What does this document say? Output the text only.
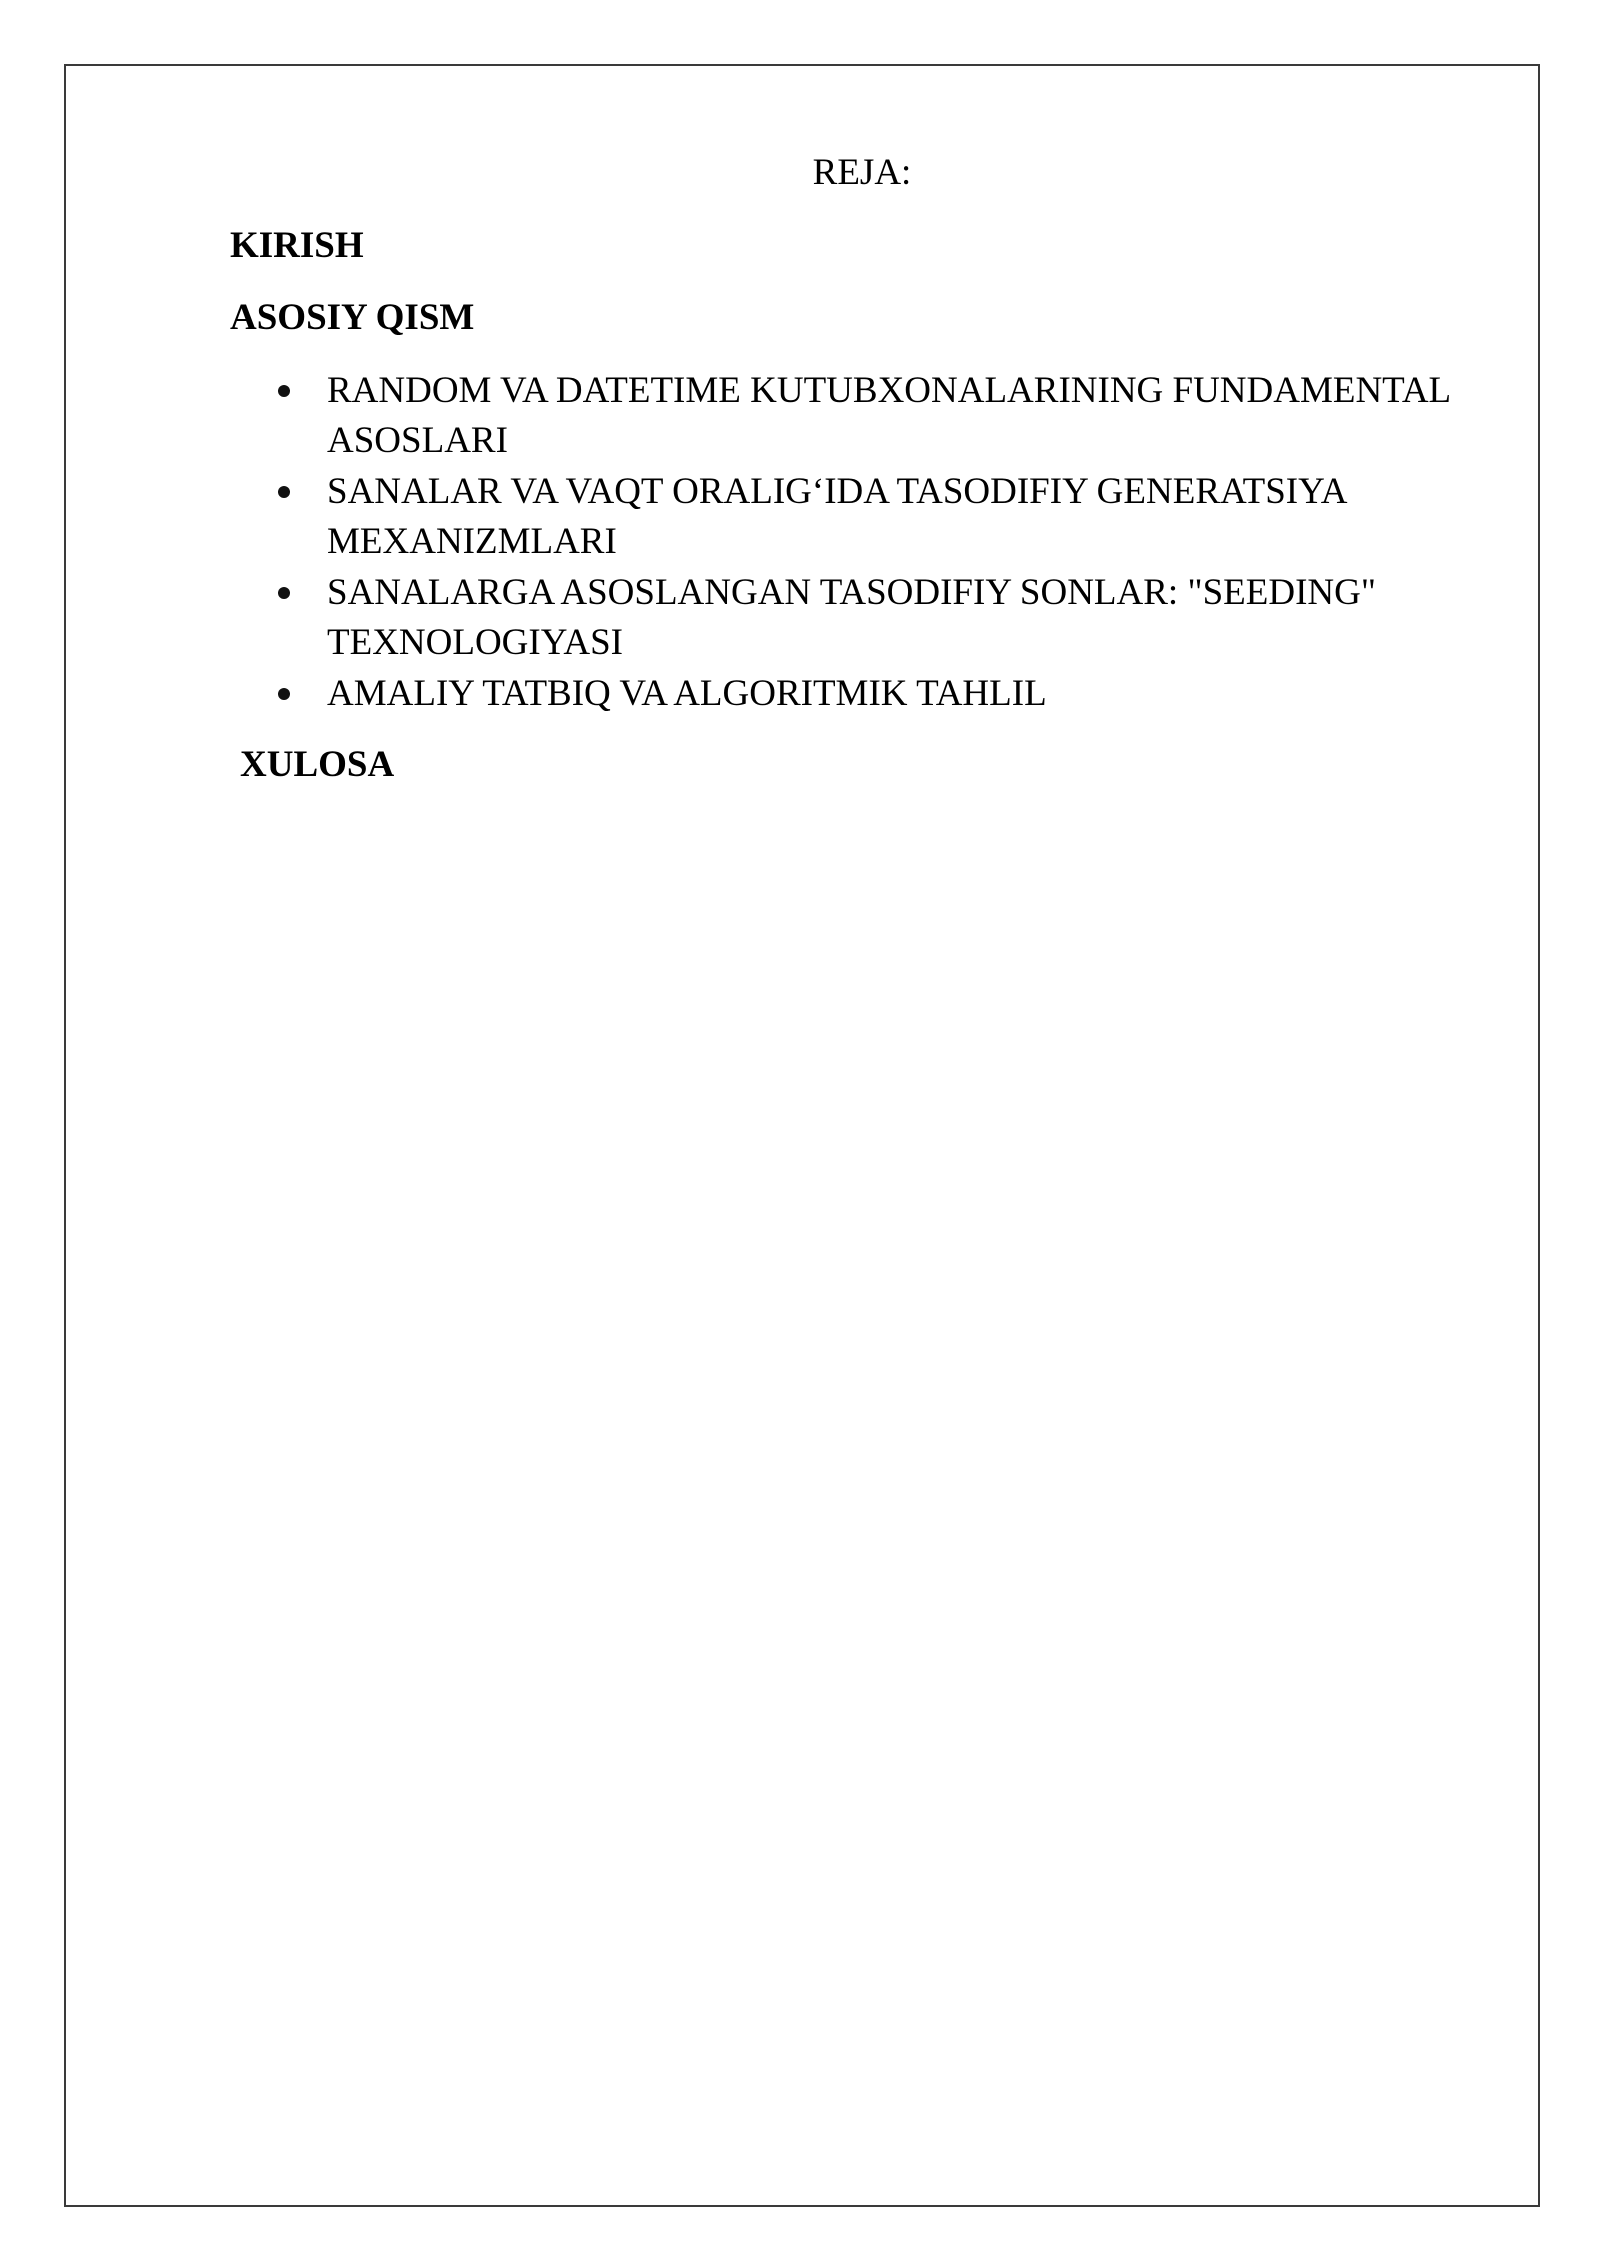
REJA:
KIRISH
ASOSIY QISM
RANDOM VA DATETIME KUTUBXONALARINING FUNDAMENTAL ASOSLARI
SANALAR VA VAQT ORALIG‘IDA TASODIFIY GENERATSIYA MEXANIZMLARI
SANALARGA ASOSLANGAN TASODIFIY SONLAR: "SEEDING" TEXNOLOGIYASI
AMALIY TATBIQ VA ALGORITMIK TAHLIL
XULOSA
